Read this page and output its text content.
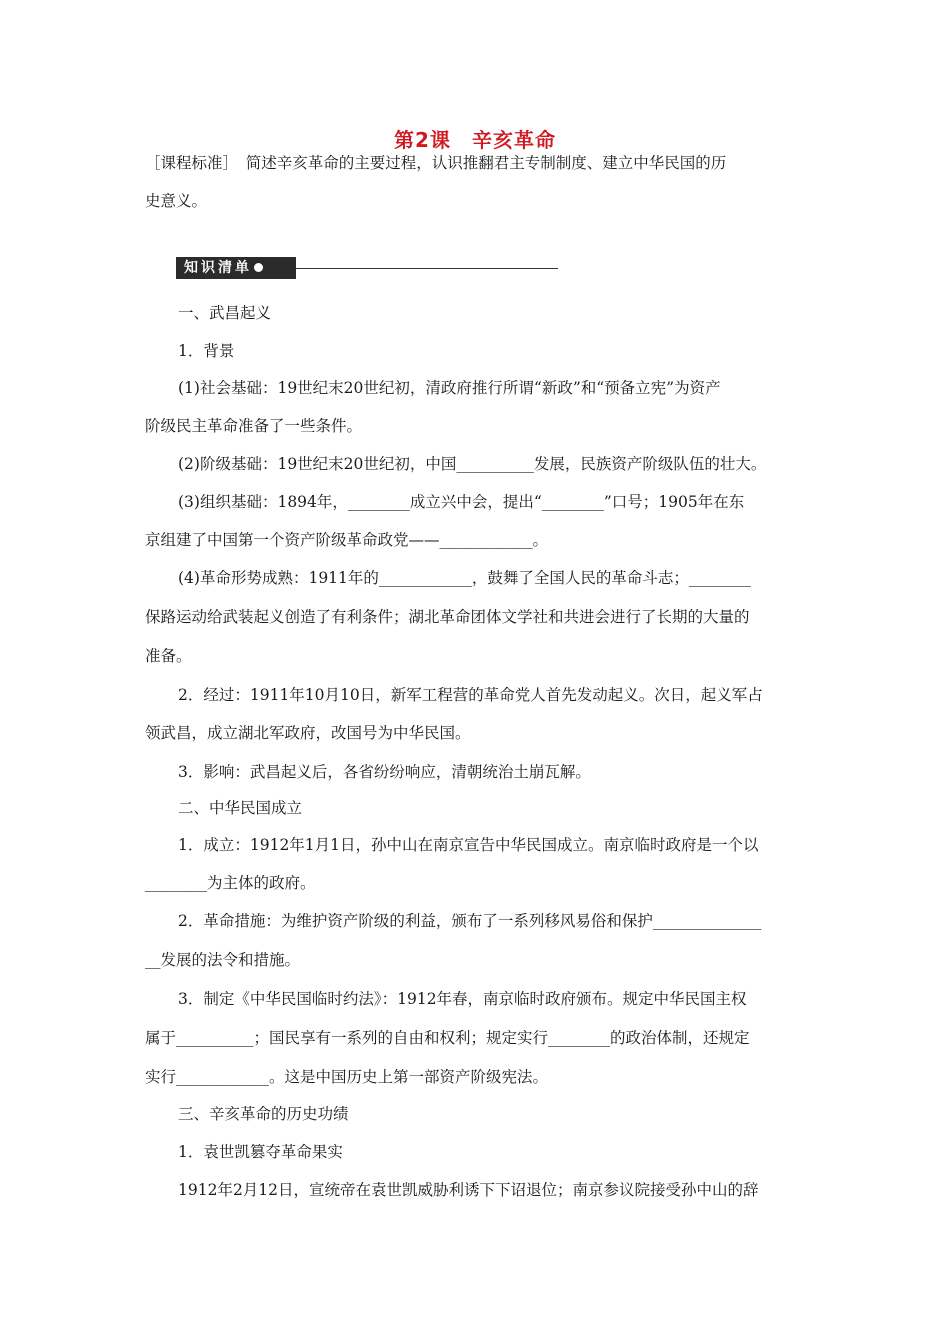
第2课　辛亥革命
［课程标准］　简述辛亥革命的主要过程，认识推翻君主专制制度、建立中华民国的历
史意义。
知识清单
一、武昌起义
1．背景
(1)社会基础：19世纪末20世纪初，清政府推行所谓“新政”和“预备立宪”为资产
阶级民主革命准备了一些条件。
(2)阶级基础：19世纪末20世纪初，中国__________发展，民族资产阶级队伍的壮大。
(3)组织基础：1894年，________成立兴中会，提出“________”口号；1905年在东
京组建了中国第一个资产阶级革命政党——____________。
(4)革命形势成熟：1911年的____________，鼓舞了全国人民的革命斗志；________
保路运动给武装起义创造了有利条件；湖北革命团体文学社和共进会进行了长期的大量的
准备。
2．经过：1911年10月10日，新军工程营的革命党人首先发动起义。次日，起义军占
领武昌，成立湖北军政府，改国号为中华民国。
3．影响：武昌起义后，各省纷纷响应，清朝统治土崩瓦解。
二、中华民国成立
1．成立：1912年1月1日，孙中山在南京宣告中华民国成立。南京临时政府是一个以
________为主体的政府。
2．革命措施：为维护资产阶级的利益，颁布了一系列移风易俗和保护______________
__发展的法令和措施。
3．制定《中华民国临时约法》：1912年春，南京临时政府颁布。规定中华民国主权
属于__________；国民享有一系列的自由和权利；规定实行________的政治体制，还规定
实行____________。这是中国历史上第一部资产阶级宪法。
三、辛亥革命的历史功绩
1．袁世凯篡夺革命果实
1912年2月12日，宣统帝在袁世凯威胁利诱下下诏退位；南京参议院接受孙中山的辞
